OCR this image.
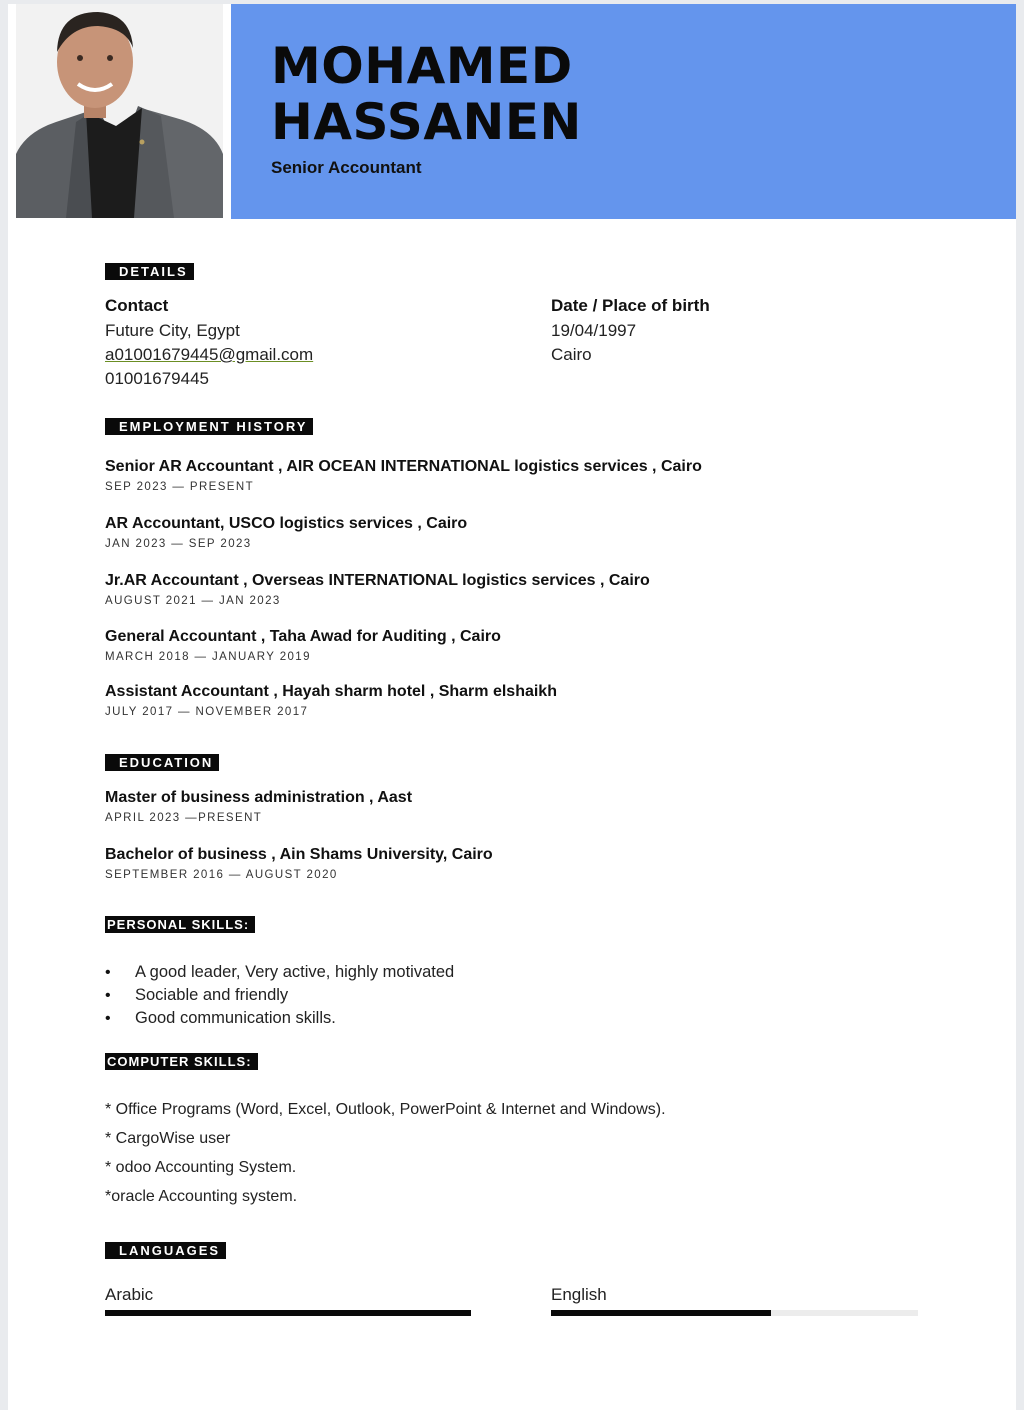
MOHAMED
HASSANEN
Senior Accountant
DETAILS
Contact
Future City, Egypt
a01001679445@gmail.com
01001679445
Date / Place of birth
19/04/1997
Cairo
EMPLOYMENT HISTORY
Senior AR Accountant , AIR OCEAN INTERNATIONAL logistics services , Cairo
SEP 2023 — PRESENT
AR Accountant, USCO logistics services , Cairo
JAN 2023 — SEP 2023
Jr.AR Accountant , Overseas INTERNATIONAL logistics services , Cairo
AUGUST 2021 — JAN 2023
General Accountant , Taha Awad for Auditing , Cairo
MARCH 2018 — JANUARY 2019
Assistant Accountant , Hayah sharm hotel , Sharm elshaikh
JULY 2017 — NOVEMBER 2017
EDUCATION
Master of business administration , Aast
APRIL 2023 —PRESENT
Bachelor of business , Ain Shams University, Cairo
SEPTEMBER 2016 — AUGUST 2020
PERSONAL SKILLS:
• A good leader, Very active, highly motivated
• Sociable and friendly
• Good communication skills.
COMPUTER SKILLS:
* Office Programs (Word, Excel, Outlook, PowerPoint & Internet and Windows).
* CargoWise user
* odoo Accounting System.
*oracle Accounting system.
LANGUAGES
Arabic	English
